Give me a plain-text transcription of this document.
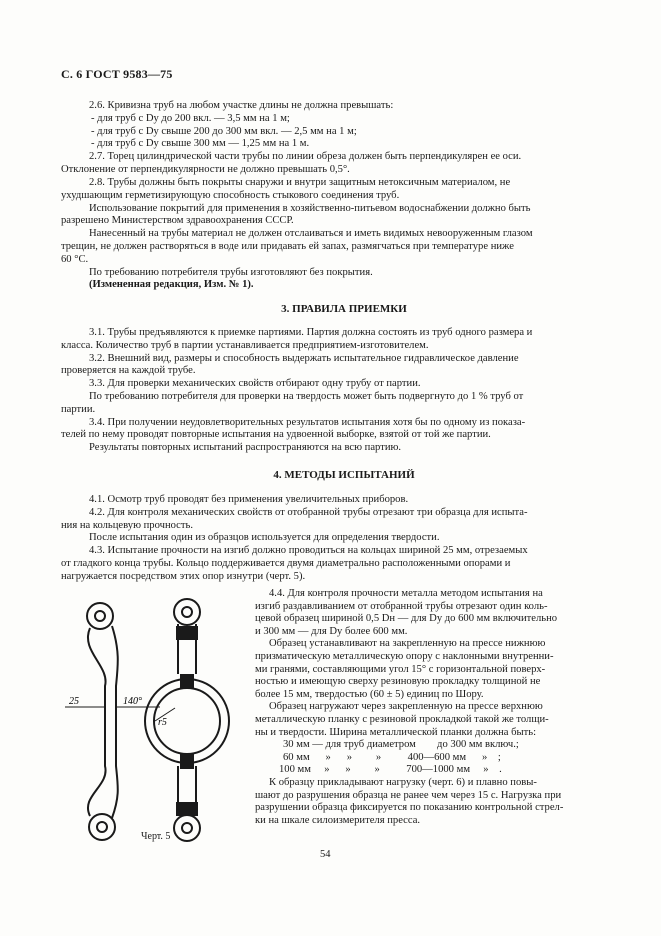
С. 6 ГОСТ 9583—75
2.6. Кривизна труб на любом участке длины не должна превышать:
- для труб с Dy до 200 вкл. — 3,5 мм на 1 м;
- для труб с Dy свыше 200 до 300 мм вкл. — 2,5 мм на 1 м;
- для труб с Dy свыше 300 мм — 1,25 мм на 1 м.
2.7. Торец цилиндрической части трубы по линии обреза должен быть перпендикулярен ее оси.
Отклонение от перпендикулярности не должно превышать 0,5°.
2.8. Трубы должны быть покрыты снаружи и внутри защитным нетоксичным материалом, не
ухудшающим герметизирующую способность стыкового соединения труб.
Использование покрытий для применения в хозяйственно-питьевом водоснабжении должно быть
разрешено Министерством здравоохранения СССР.
Нанесенный на трубы материал не должен отслаиваться и иметь видимых невооруженным глазом
трещин, не должен растворяться в воде или придавать ей запах, размягчаться при температуре ниже
60 °С.
По требованию потребителя трубы изготовляют без покрытия.
(Измененная редакция, Изм. № 1).
3. ПРАВИЛА ПРИЕМКИ
3.1. Трубы предъявляются к приемке партиями. Партия должна состоять из труб одного размера и
класса. Количество труб в партии устанавливается предприятием-изготовителем.
3.2. Внешний вид, размеры и способность выдержать испытательное гидравлическое давление
проверяется на каждой трубе.
3.3. Для проверки механических свойств отбирают одну трубу от партии.
По требованию потребителя для проверки на твердость может быть подвергнуто до 1 % труб от
партии.
3.4. При получении неудовлетворительных результатов испытания хотя бы по одному из показа-
телей по нему проводят повторные испытания на удвоенной выборке, взятой от той же партии.
Результаты повторных испытаний распространяются на всю партию.
4. МЕТОДЫ ИСПЫТАНИЙ
4.1. Осмотр труб проводят без применения увеличительных приборов.
4.2. Для контроля механических свойств от отобранной трубы отрезают три образца для испыта-
ния на кольцевую прочность.
После испытания один из образцов используется для определения твердости.
4.3. Испытание прочности на изгиб должно проводиться на кольцах шириной 25 мм, отрезаемых
от гладкого конца трубы. Кольцо поддерживается двумя диаметрально расположенными опорами и
нагружается посредством этих опор изнутри (черт. 5).
4.4. Для контроля прочности металла методом испытания на
изгиб раздавливанием от отобранной трубы отрезают один коль-
цевой образец шириной 0,5 Dн — для Dy до 600 мм включительно
и 300 мм — для Dy более 600 мм.
Образец устанавливают на закрепленную на прессе нижнюю
призматическую металлическую опору с наклонными внутренни-
ми гранями, составляющими угол 15° с горизонтальной поверх-
ностью и имеющую сверху резиновую прокладку толщиной не
более 15 мм, твердостью (60 ± 5) единиц по Шору.
Образец нагружают через закрепленную на прессе верхнюю
металлическую планку с резиновой прокладкой такой же толщи-
ны и твердости. Ширина металлической планки должна быть:
30 мм — для труб диаметром        до 300 мм включ.;
60 мм      »      »         »          400—600 мм      »    ;
100 мм     »      »         »          700—1000 мм     »    .
К образцу прикладывают нагрузку (черт. 6) и плавно повы-
шают до разрушения образца не ранее чем через 15 с. Нагрузка при
разрушении образца фиксируется по показанию контрольной стрел-
ки на шкале силоизмерителя пресса.
25	140°
r5
Черт. 5
54
